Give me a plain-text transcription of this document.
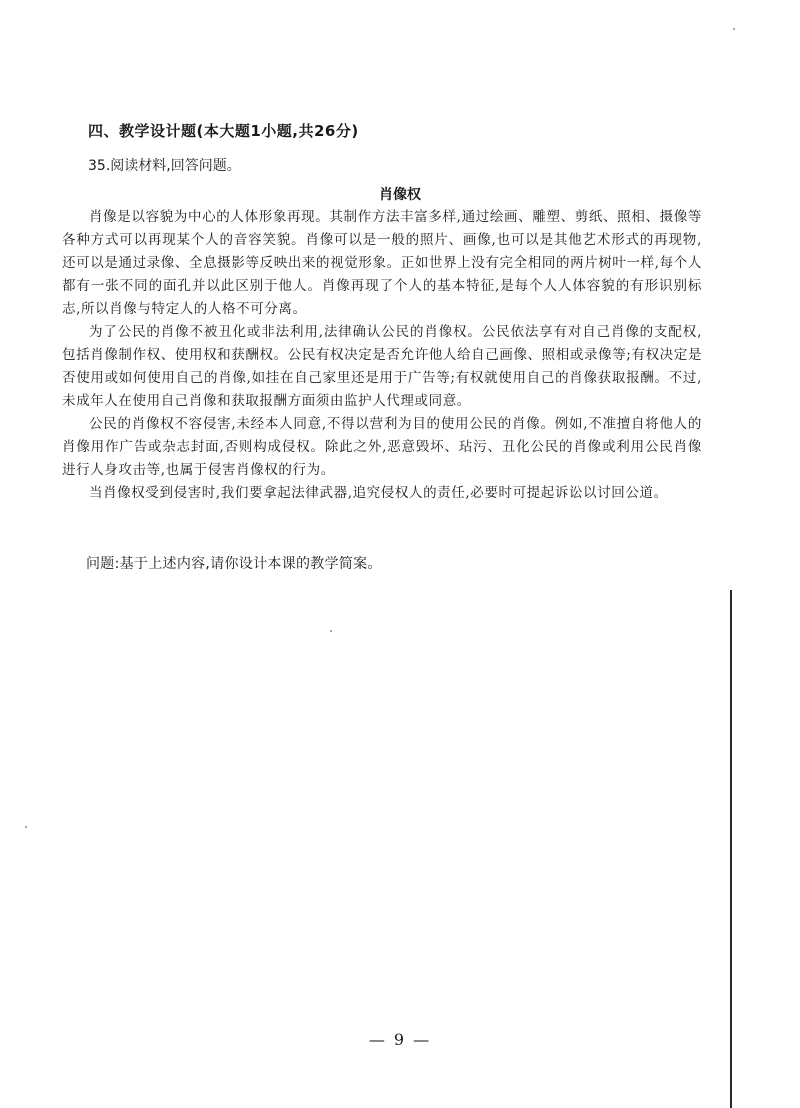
四、教学设计题(本大题1小题,共26分)
35.阅读材料,回答问题。
肖像权

肖像是以容貌为中心的人体形象再现。其制作方法丰富多样,通过绘画、雕塑、剪纸、照相、摄像等各种方式可以再现某个人的音容笑貌。肖像可以是一般的照片、画像,也可以是其他艺术形式的再现物,还可以是通过录像、全息摄影等反映出来的视觉形象。正如世界上没有完全相同的两片树叶一样,每个人都有一张不同的面孔并以此区别于他人。肖像再现了个人的基本特征,是每个人人体容貌的有形识别标志,所以肖像与特定人的人格不可分离。

为了公民的肖像不被丑化或非法利用,法律确认公民的肖像权。公民依法享有对自己肖像的支配权,包括肖像制作权、使用权和获酬权。公民有权决定是否允许他人给自己画像、照相或录像等;有权决定是否使用或如何使用自己的肖像,如挂在自己家里还是用于广告等;有权就使用自己的肖像获取报酬。不过,未成年人在使用自己肖像和获取报酬方面须由监护人代理或同意。

公民的肖像权不容侵害,未经本人同意,不得以营利为目的使用公民的肖像。例如,不准擅自将他人的肖像用作广告或杂志封面,否则构成侵权。除此之外,恶意毁坏、玷污、丑化公民的肖像或利用公民肖像进行人身攻击等,也属于侵害肖像权的行为。

当肖像权受到侵害时,我们要拿起法律武器,追究侵权人的责任,必要时可提起诉讼以讨回公道。

问题:基于上述内容,请你设计本课的教学简案。
— 9 —
